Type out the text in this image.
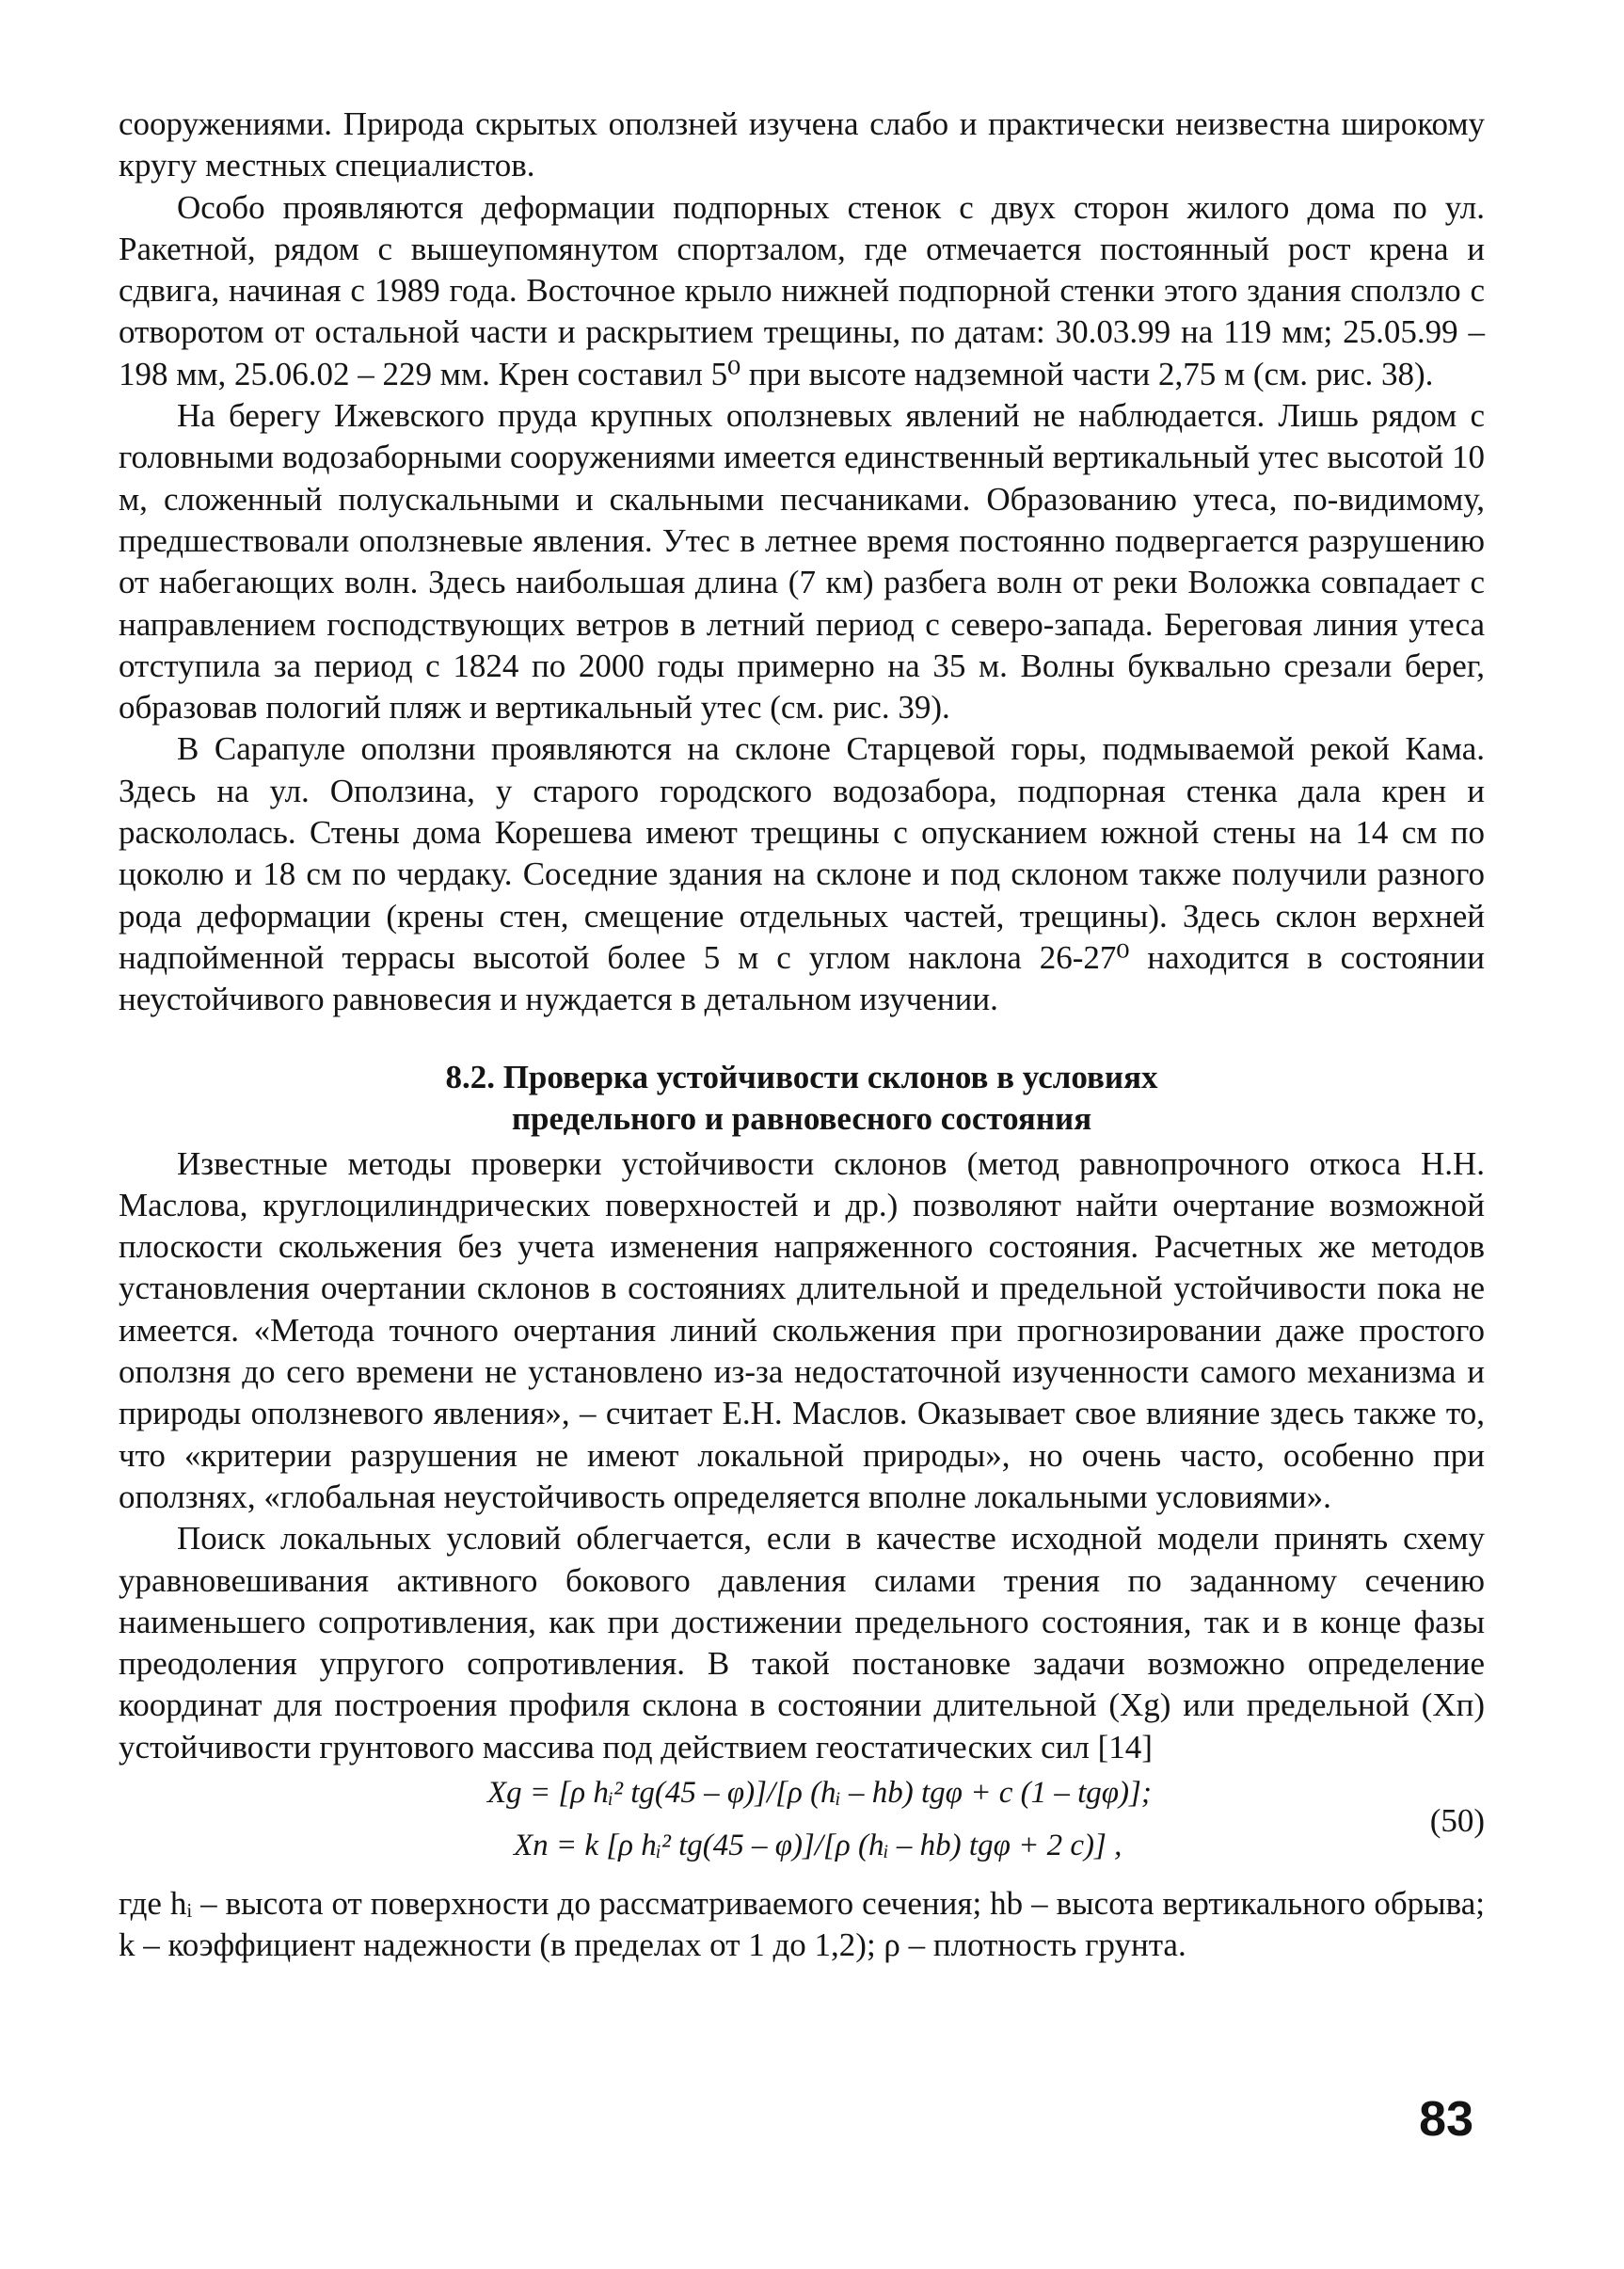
сооружениями. Природа скрытых оползней изучена слабо и практически неизвестна широкому кругу местных специалистов.

Особо проявляются деформации подпорных стенок с двух сторон жилого дома по ул. Ракетной, рядом с вышеупомянутом спортзалом, где отмечается постоянный рост крена и сдвига, начиная с 1989 года. Восточное крыло нижней подпорной стенки этого здания сползло с отворотом от остальной части и раскрытием трещины, по датам: 30.03.99 на 119 мм; 25.05.99 – 198 мм, 25.06.02 – 229 мм. Крен составил 5⁰ при высоте надземной части 2,75 м (см. рис. 38).

На берегу Ижевского пруда крупных оползневых явлений не наблюдается. Лишь рядом с головными водозаборными сооружениями имеется единственный вертикальный утес высотой 10 м, сложенный полускальными и скальными песчаниками. Образованию утеса, по-видимому, предшествовали оползневые явления. Утес в летнее время постоянно подвергается разрушению от набегающих волн. Здесь наибольшая длина (7 км) разбега волн от реки Воложка совпадает с направлением господствующих ветров в летний период с северо-запада. Береговая линия утеса отступила за период с 1824 по 2000 годы примерно на 35 м. Волны буквально срезали берег, образовав пологий пляж и вертикальный утес (см. рис. 39).

В Сарапуле оползни проявляются на склоне Старцевой горы, подмываемой рекой Кама. Здесь на ул. Оползина, у старого городского водозабора, подпорная стенка дала крен и раскололась. Стены дома Корешева имеют трещины с опусканием южной стены на 14 см по цоколю и 18 см по чердаку. Соседние здания на склоне и под склоном также получили разного рода деформации (крены стен, смещение отдельных частей, трещины). Здесь склон верхней надпойменной террасы высотой более 5 м с углом наклона 26-27⁰ находится в состоянии неустойчивого равновесия и нуждается в детальном изучении.

8.2. Проверка устойчивости склонов в условиях
предельного и равновесного состояния

Известные методы проверки устойчивости склонов (метод равнопрочного откоса Н.Н. Маслова, круглоцилиндрических поверхностей и др.) позволяют найти очертание возможной плоскости скольжения без учета изменения напряженного состояния. Расчетных же методов установления очертании склонов в состояниях длительной и предельной устойчивости пока не имеется. «Метода точного очертания линий скольжения при прогнозировании даже простого оползня до сего времени не установлено из-за недостаточной изученности самого механизма и природы оползневого явления», – считает Е.Н. Маслов. Оказывает свое влияние здесь также то, что «критерии разрушения не имеют локальной природы», но очень часто, особенно при оползнях, «глобальная неустойчивость определяется вполне локальными условиями».

Поиск локальных условий облегчается, если в качестве исходной модели принять схему уравновешивания активного бокового давления силами трения по заданному сечению наименьшего сопротивления, как при достижении предельного состояния, так и в конце фазы преодоления упругого сопротивления. В такой постановке задачи возможно определение координат для построения профиля склона в состоянии длительной (Xg) или предельной (Xп) устойчивости грунтового массива под действием геостатических сил [14]

Xg = [ρ hᵢ² tg(45 – φ)]/[ρ (hᵢ – hb) tgφ + c (1 – tgφ)];
Xп = k [ρ hᵢ² tg(45 – φ)]/[ρ (hᵢ – hb) tgφ + 2 c)] ,
(50)

где hᵢ – высота от поверхности до рассматриваемого сечения; hb – высота вертикального обрыва; k – коэффициент надежности (в пределах от 1 до 1,2); ρ – плотность грунта.

83
